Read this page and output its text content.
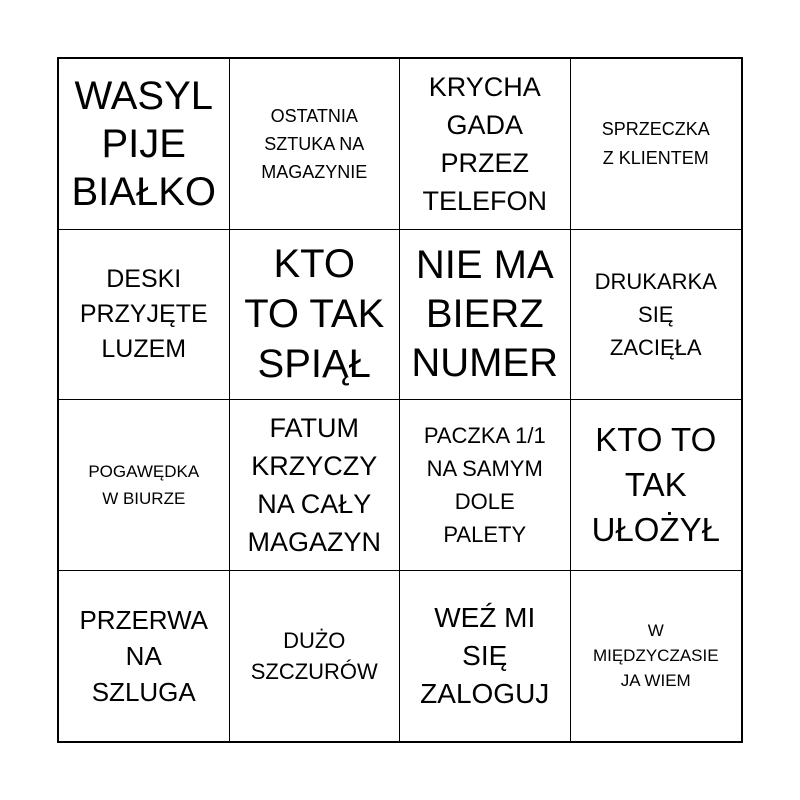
WASYL
PIJE
BIAŁKO
OSTATNIA
SZTUKA NA
MAGAZYNIE
KRYCHA
GADA
PRZEZ
TELEFON
SPRZECZKA
Z KLIENTEM
DESKI
PRZYJĘTE
LUZEM
KTO
TO TAK
SPIĄŁ
NIE MA
BIERZ
NUMER
DRUKARKA
SIĘ
ZACIĘŁA
POGAWĘDKA
W BIURZE
FATUM
KRZYCZY
NA CAŁY
MAGAZYN
PACZKA 1/1
NA SAMYM
DOLE
PALETY
KTO TO
TAK
UŁOŻYŁ
PRZERWA
NA
SZLUGA
DUŻO
SZCZURÓW
WEŹ MI
SIĘ
ZALOGUJ
W
MIĘDZYCZASIE
JA WIEM
